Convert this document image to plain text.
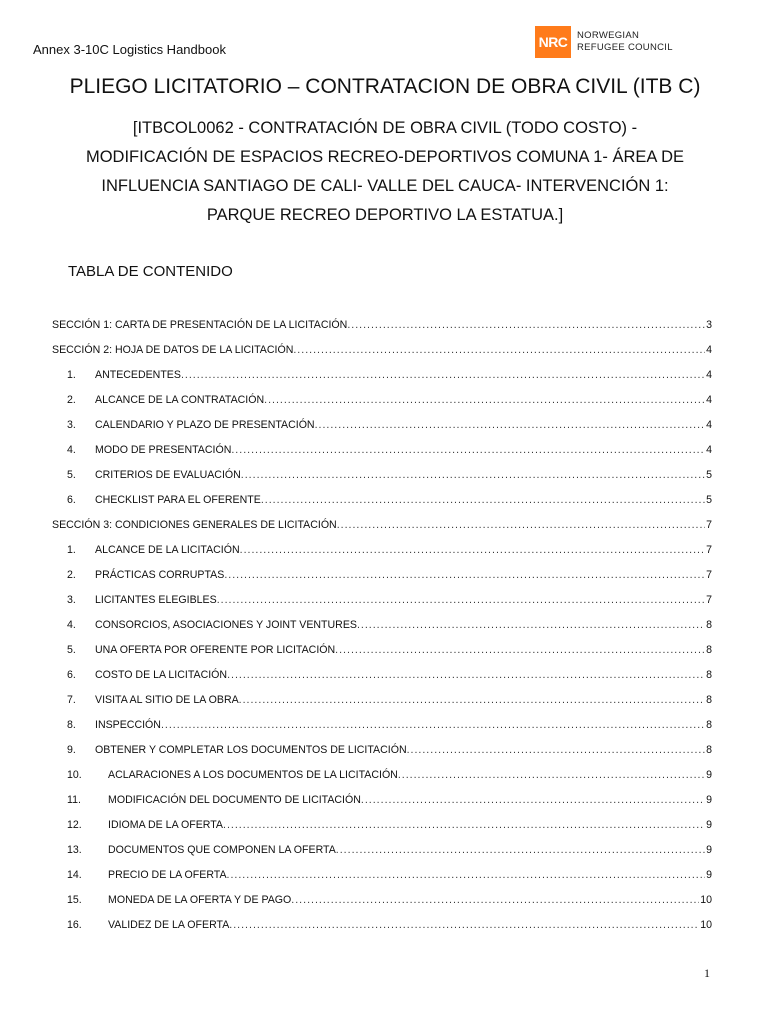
Annex 3-10C Logistics Handbook	NRC	NORWEGIAN
REFUGEE COUNCIL
PLIEGO LICITATORIO – CONTRATACION DE OBRA CIVIL (ITB C)
[ITBCOL0062 - CONTRATACIÓN DE OBRA CIVIL (TODO COSTO) -
MODIFICACIÓN DE ESPACIOS RECREO-DEPORTIVOS COMUNA 1- ÁREA DE
INFLUENCIA SANTIAGO DE CALI- VALLE DEL CAUCA- INTERVENCIÓN 1:
PARQUE RECREO DEPORTIVO LA ESTATUA.]
TABLA DE CONTENIDO
SECCIÓN 1: CARTA DE PRESENTACIÓN DE LA LICITACIÓN .....	3
SECCIÓN 2: HOJA DE DATOS DE LA LICITACIÓN .....	4
1. ANTECEDENTES .....	4
2. ALCANCE DE LA CONTRATACIÓN .....	4
3. CALENDARIO Y PLAZO DE PRESENTACIÓN .....	4
4. MODO DE PRESENTACIÓN .....	4
5. CRITERIOS DE EVALUACIÓN .....	5
6. CHECKLIST PARA EL OFERENTE .....	5
SECCIÓN 3: CONDICIONES GENERALES DE LICITACIÓN .....	7
1. ALCANCE DE LA LICITACIÓN .....	7
2. PRÁCTICAS CORRUPTAS .....	7
3. LICITANTES ELEGIBLES .....	7
4. CONSORCIOS, ASOCIACIONES Y JOINT VENTURES .....	8
5. UNA OFERTA POR OFERENTE POR LICITACIÓN .....	8
6. COSTO DE LA LICITACIÓN .....	8
7. VISITA AL SITIO DE LA OBRA .....	8
8. INSPECCIÓN .....	8
9. OBTENER Y COMPLETAR LOS DOCUMENTOS DE LICITACIÓN .....	8
10. ACLARACIONES A LOS DOCUMENTOS DE LA LICITACIÓN .....	9
11.	MODIFICACIÓN DEL DOCUMENTO DE LICITACIÓN .....	9
12. IDIOMA DE LA OFERTA .....	9
13. DOCUMENTOS QUE COMPONEN LA OFERTA .....	9
14. PRECIO DE LA OFERTA .....	9
15. MONEDA DE LA OFERTA Y DE PAGO .....	10
16. VALIDEZ DE LA OFERTA .....	10
1
